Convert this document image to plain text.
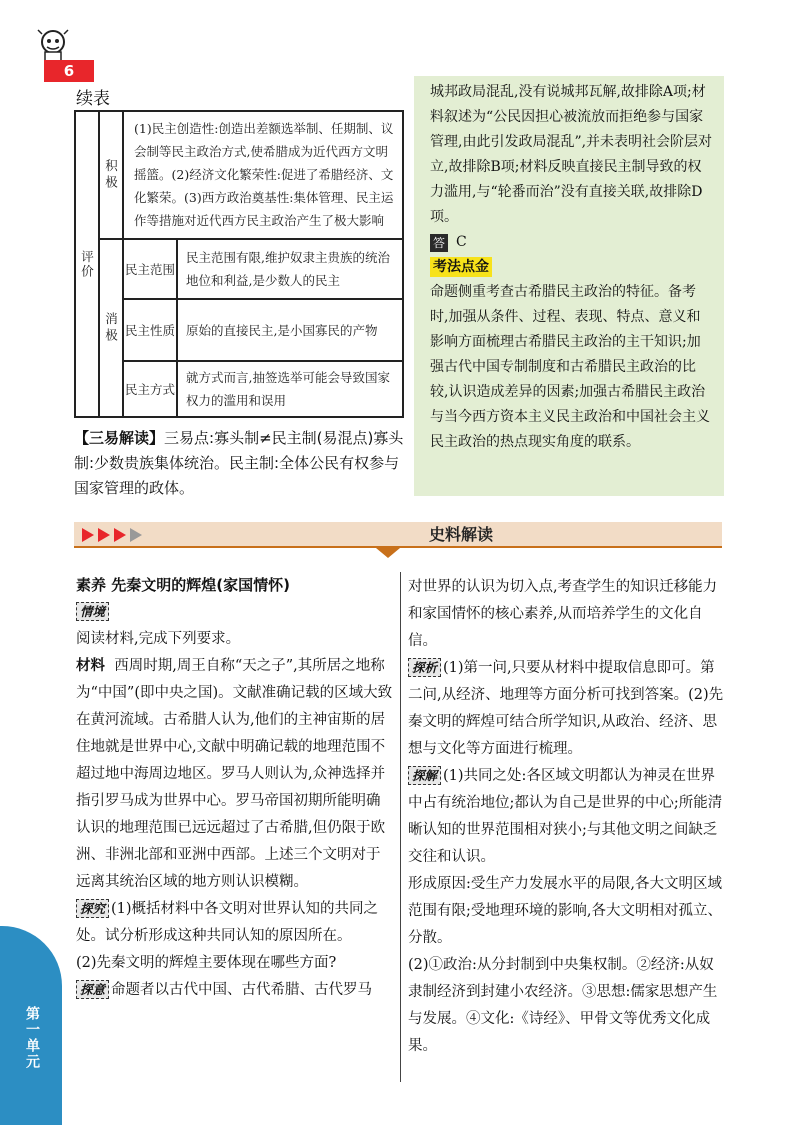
6
续表
评价
积极
(1)民主创造性:创造出差额选举制、任期制、议会制等民主政治方式,使希腊成为近代西方文明摇篮。(2)经济文化繁荣性:促进了希腊经济、文化繁荣。(3)西方政治奠基性:集体管理、民主运作等措施对近代西方民主政治产生了极大影响
消极
民主范围
民主范围有限,维护奴隶主贵族的统治地位和利益,是少数人的民主
民主性质 原始的直接民主,是小国寡民的产物
民主方式
就方式而言,抽签选举可能会导致国家权力的滥用和误用
【三易解读】三易点:寡头制≠民主制(易混点)寡头制:少数贵族集体统治。民主制:全体公民有权参与国家管理的政体。
城邦政局混乱,没有说城邦瓦解,故排除A项;材料叙述为“公民因担心被流放而拒绝参与国家管理,由此引发政局混乱”,并未表明社会阶层对立,故排除B项;材料反映直接民主制导致的权力滥用,与“轮番而治”没有直接关联,故排除D项。
答 C
考法点金
命题侧重考查古希腊民主政治的特征。备考时,加强从条件、过程、表现、特点、意义和影响方面梳理古希腊民主政治的主干知识;加强古代中国专制制度和古希腊民主政治的比较,认识造成差异的因素;加强古希腊民主政治与当今西方资本主义民主政治和中国社会主义民主政治的热点现实角度的联系。
史料解读
素养 先秦文明的辉煌(家国情怀)
情境
阅读材料,完成下列要求。
材料 西周时期,周王自称“天之子”,其所居之地称为“中国”(即中央之国)。文献准确记载的区域大致在黄河流域。古希腊人认为,他们的主神宙斯的居住地就是世界中心,文献中明确记载的地理范围不超过地中海周边地区。罗马人则认为,众神选择并指引罗马成为世界中心。罗马帝国初期所能明确认识的地理范围已远远超过了古希腊,但仍限于欧洲、非洲北部和亚洲中西部。上述三个文明对于远离其统治区域的地方则认识模糊。
探究 (1)概括材料中各文明对世界认知的共同之处。试分析形成这种共同认知的原因所在。
(2)先秦文明的辉煌主要体现在哪些方面?
探意 命题者以古代中国、古代希腊、古代罗马
对世界的认识为切入点,考查学生的知识迁移能力和家国情怀的核心素养,从而培养学生的文化自信。
探析 (1)第一问,只要从材料中提取信息即可。第二问,从经济、地理等方面分析可找到答案。(2)先秦文明的辉煌可结合所学知识,从政治、经济、思想与文化等方面进行梳理。
探解 (1)共同之处:各区域文明都认为神灵在世界中占有统治地位;都认为自己是世界的中心;所能清晰认知的世界范围相对狭小;与其他文明之间缺乏交往和认识。
形成原因:受生产力发展水平的局限,各大文明区域范围有限;受地理环境的影响,各大文明相对孤立、分散。
(2)①政治:从分封制到中央集权制。②经济:从奴隶制经济到封建小农经济。③思想:儒家思想产生与发展。④文化:《诗经》、甲骨文等优秀文化成果。
第一单元
